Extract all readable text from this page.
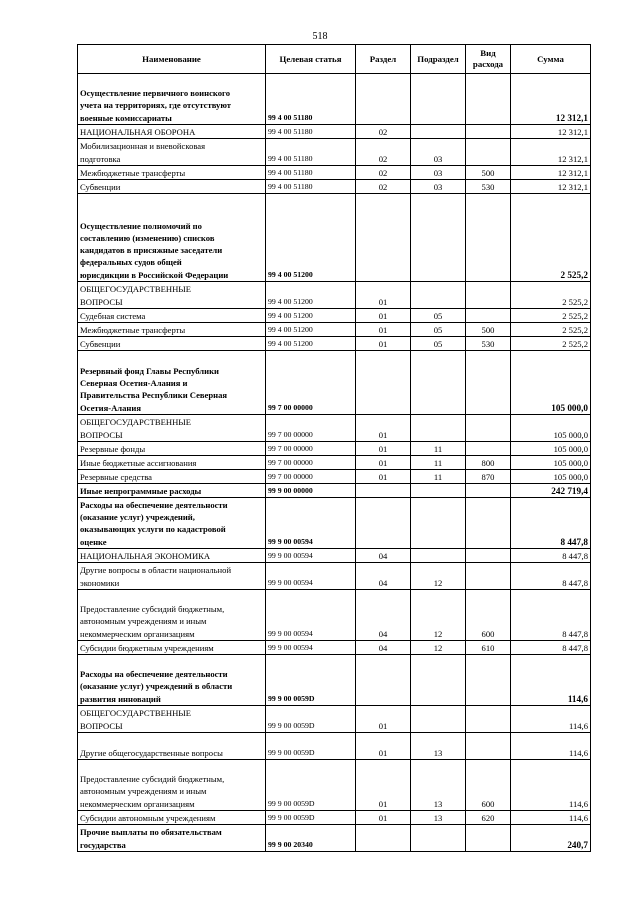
518
Наименование	Целевая статья	Раздел	Подраздел	Вид расхода	Сумма
Осуществление первичного воинского
учета на территориях, где отсутствуют
военные комиссариаты	99 4 00 51180				12 312,1
НАЦИОНАЛЬНАЯ ОБОРОНА	99 4 00 51180	02			12 312,1
Мобилизационная и вневойсковая
подготовка	99 4 00 51180	02	03		12 312,1
Межбюджетные трансферты	99 4 00 51180	02	03	500	12 312,1
Субвенции	99 4 00 51180	02	03	530	12 312,1
Осуществление полномочий по
составлению (изменению) списков
кандидатов в присяжные заседатели
федеральных судов общей
юрисдикции в Российской Федерации	99 4 00 51200				2 525,2
ОБЩЕГОСУДАРСТВЕННЫЕ
ВОПРОСЫ	99 4 00 51200	01			2 525,2
Судебная система	99 4 00 51200	01	05		2 525,2
Межбюджетные трансферты	99 4 00 51200	01	05	500	2 525,2
Субвенции	99 4 00 51200	01	05	530	2 525,2
Резервный фонд Главы Республики
Северная Осетия-Алания и
Правительства Республики Северная
Осетия-Алания	99 7 00 00000				105 000,0
ОБЩЕГОСУДАРСТВЕННЫЕ
ВОПРОСЫ	99 7 00 00000	01			105 000,0
Резервные фонды	99 7 00 00000	01	11		105 000,0
Иные бюджетные ассигнования	99 7 00 00000	01	11	800	105 000,0
Резервные средства	99 7 00 00000	01	11	870	105 000,0
Иные непрограммные расходы	99 9 00 00000				242 719,4
Расходы на обеспечение деятельности
(оказание услуг) учреждений,
оказывающих услуги по кадастровой
оценке	99 9 00 00594				8 447,8
НАЦИОНАЛЬНАЯ ЭКОНОМИКА	99 9 00 00594	04			8 447,8
Другие вопросы в области национальной
экономики	99 9 00 00594	04	12		8 447,8
Предоставление субсидий бюджетным,
автономным учреждениям и иным
некоммерческим организациям	99 9 00 00594	04	12	600	8 447,8
Субсидии бюджетным учреждениям	99 9 00 00594	04	12	610	8 447,8
Расходы на обеспечение деятельности
(оказание услуг) учреждений в области
развития инноваций	99 9 00 0059D				114,6
ОБЩЕГОСУДАРСТВЕННЫЕ
ВОПРОСЫ	99 9 00 0059D	01			114,6
Другие общегосударственные вопросы	99 9 00 0059D	01	13		114,6
Предоставление субсидий бюджетным,
автономным учреждениям и иным
некоммерческим организациям	99 9 00 0059D	01	13	600	114,6
Субсидии автономным учреждениям	99 9 00 0059D	01	13	620	114,6
Прочие выплаты по обязательствам
государства	99 9 00 20340				240,7
